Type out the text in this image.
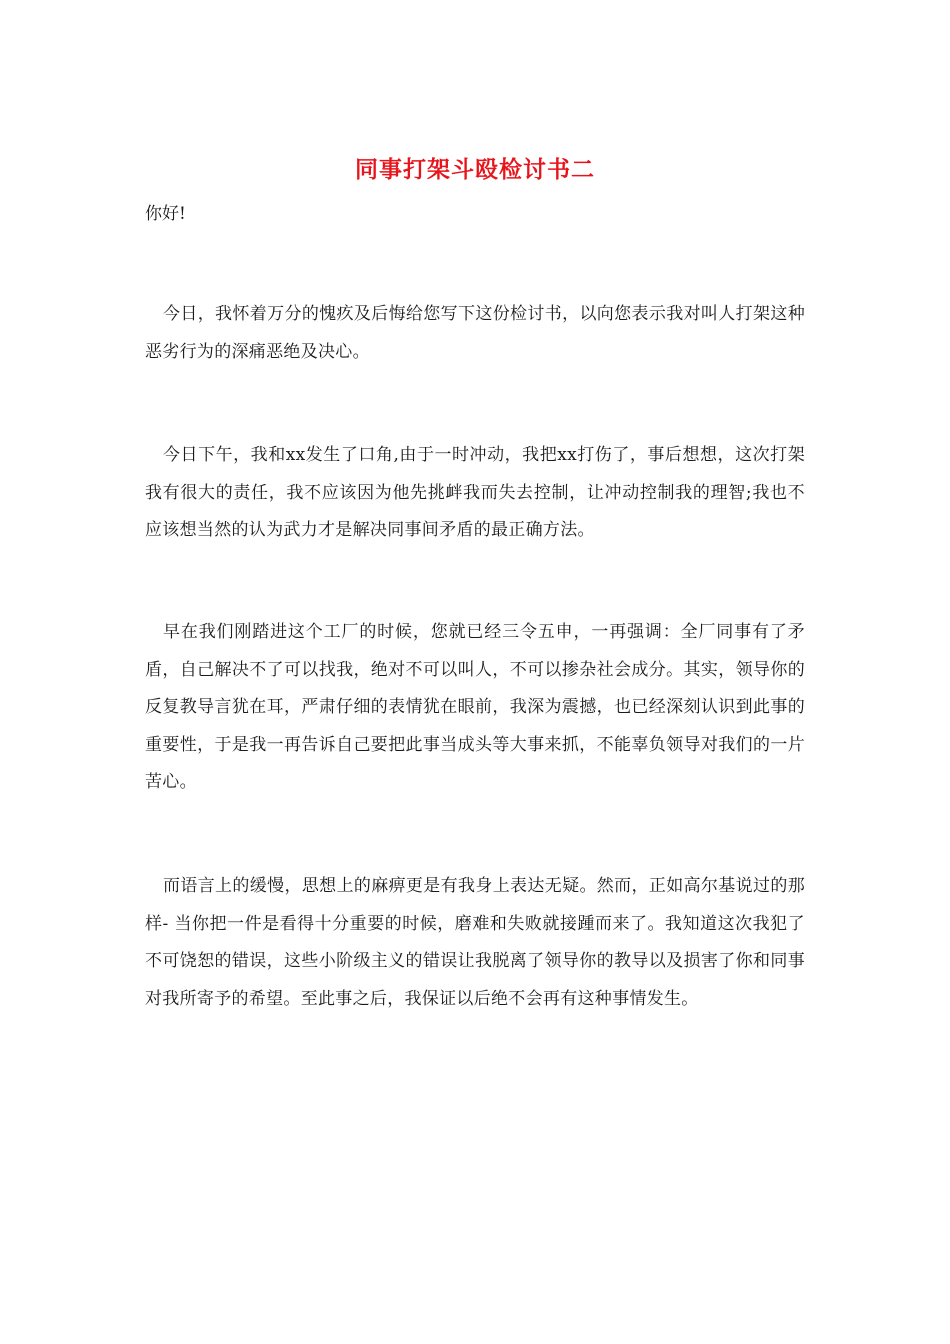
同事打架斗殴检讨书二
你好!

今日，我怀着万分的愧疚及后悔给您写下这份检讨书，以向您表示我对叫人打架这种恶劣行为的深痛恶绝及决心。

今日下午，我和xx发生了口角,由于一时冲动，我把xx打伤了，事后想想，这次打架我有很大的责任，我不应该因为他先挑衅我而失去控制，让冲动控制我的理智;我也不应该想当然的认为武力才是解决同事间矛盾的最正确方法。

早在我们刚踏进这个工厂的时候，您就已经三令五申，一再强调：全厂同事有了矛盾，自己解决不了可以找我，绝对不可以叫人，不可以掺杂社会成分。其实，领导你的反复教导言犹在耳，严肃仔细的表情犹在眼前，我深为震撼，也已经深刻认识到此事的重要性，于是我一再告诉自己要把此事当成头等大事来抓，不能辜负领导对我们的一片苦心。

而语言上的缓慢，思想上的麻痹更是有我身上表达无疑。然而，正如高尔基说过的那样- 当你把一件是看得十分重要的时候，磨难和失败就接踵而来了。我知道这次我犯了不可饶恕的错误，这些小阶级主义的错误让我脱离了领导你的教导以及损害了你和同事对我所寄予的希望。至此事之后，我保证以后绝不会再有这种事情发生。
